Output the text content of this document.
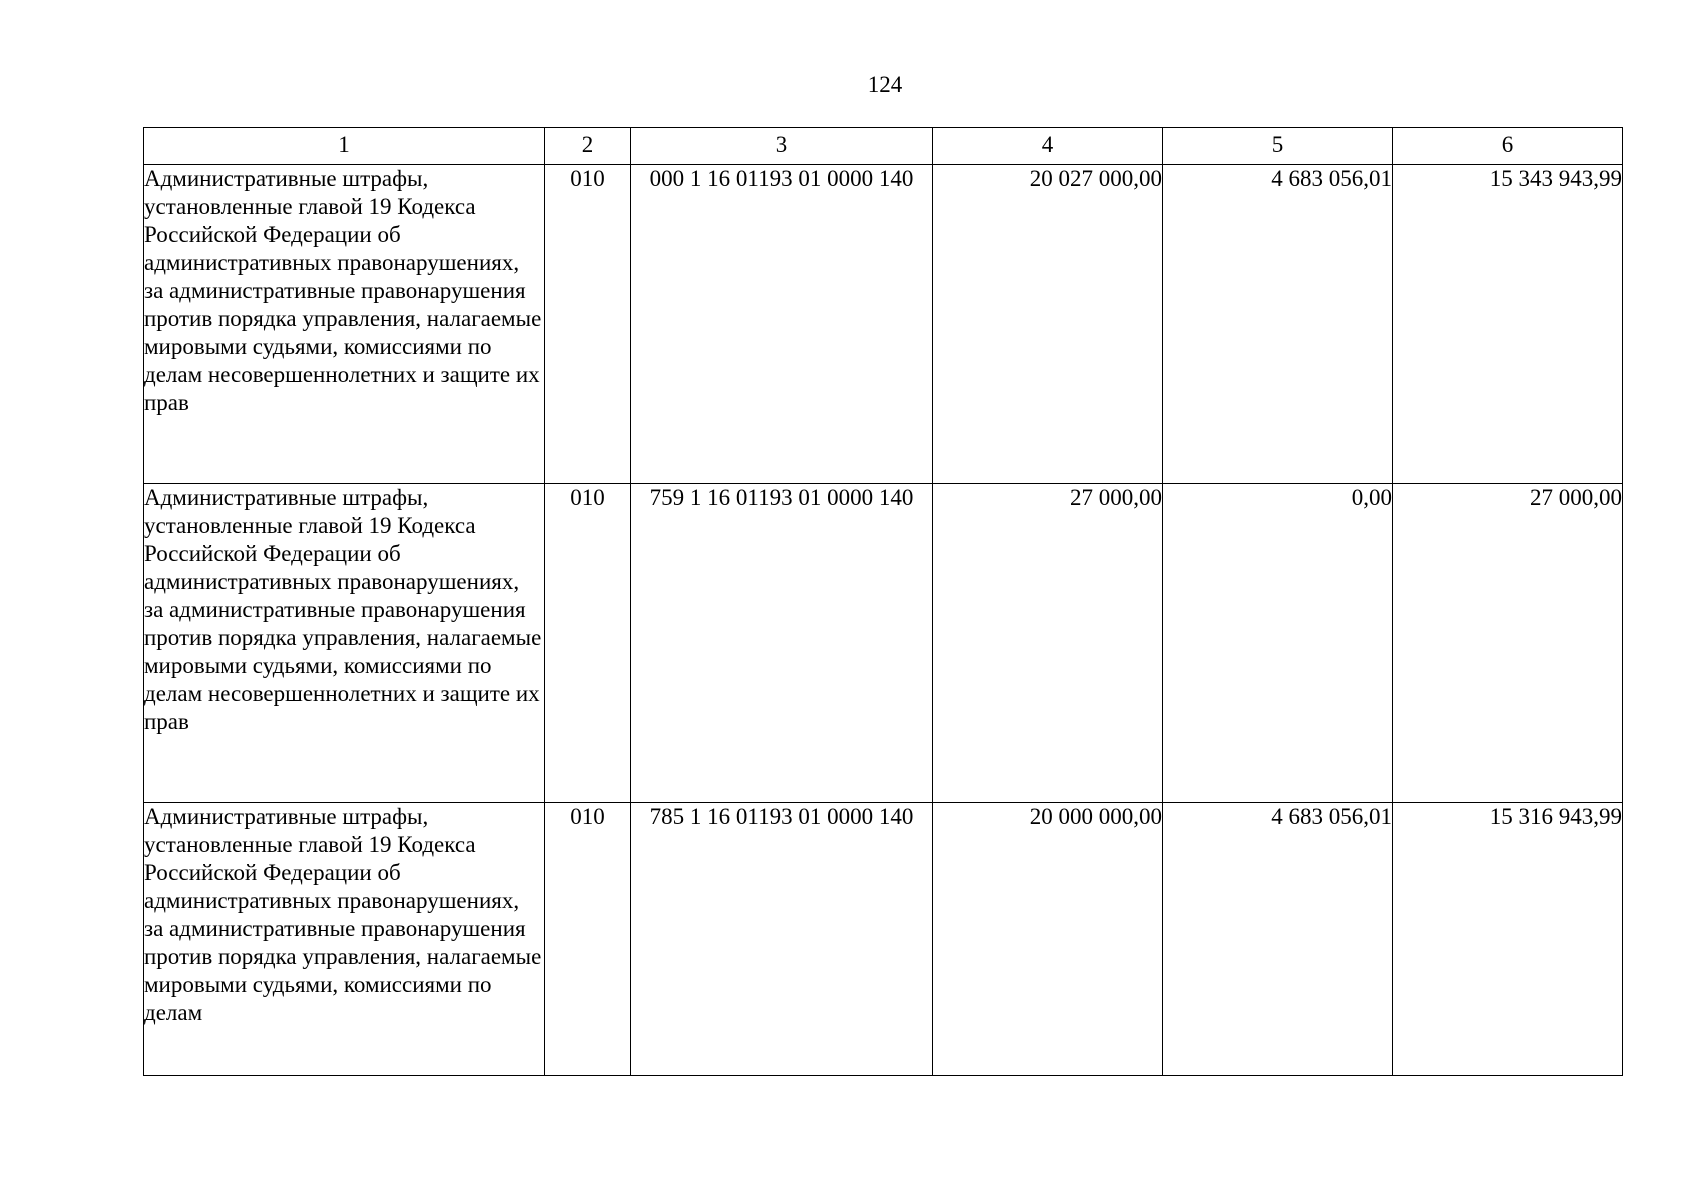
124
1	2	3	4	5	6
Административные штрафы, установленные главой 19 Кодекса Российской Федерации об административных правонарушениях, за административные правонарушения против порядка управления, налагаемые мировыми судьями, комиссиями по делам несовершеннолетних и защите их прав	010	000 1 16 01193 01 0000 140	20 027 000,00	4 683 056,01	15 343 943,99
Административные штрафы, установленные главой 19 Кодекса Российской Федерации об административных правонарушениях, за административные правонарушения против порядка управления, налагаемые мировыми судьями, комиссиями по делам несовершеннолетних и защите их прав	010	759 1 16 01193 01 0000 140	27 000,00	0,00	27 000,00
Административные штрафы, установленные главой 19 Кодекса Российской Федерации об административных правонарушениях, за административные правонарушения против порядка управления, налагаемые мировыми судьями, комиссиями по делам	010	785 1 16 01193 01 0000 140	20 000 000,00	4 683 056,01	15 316 943,99
